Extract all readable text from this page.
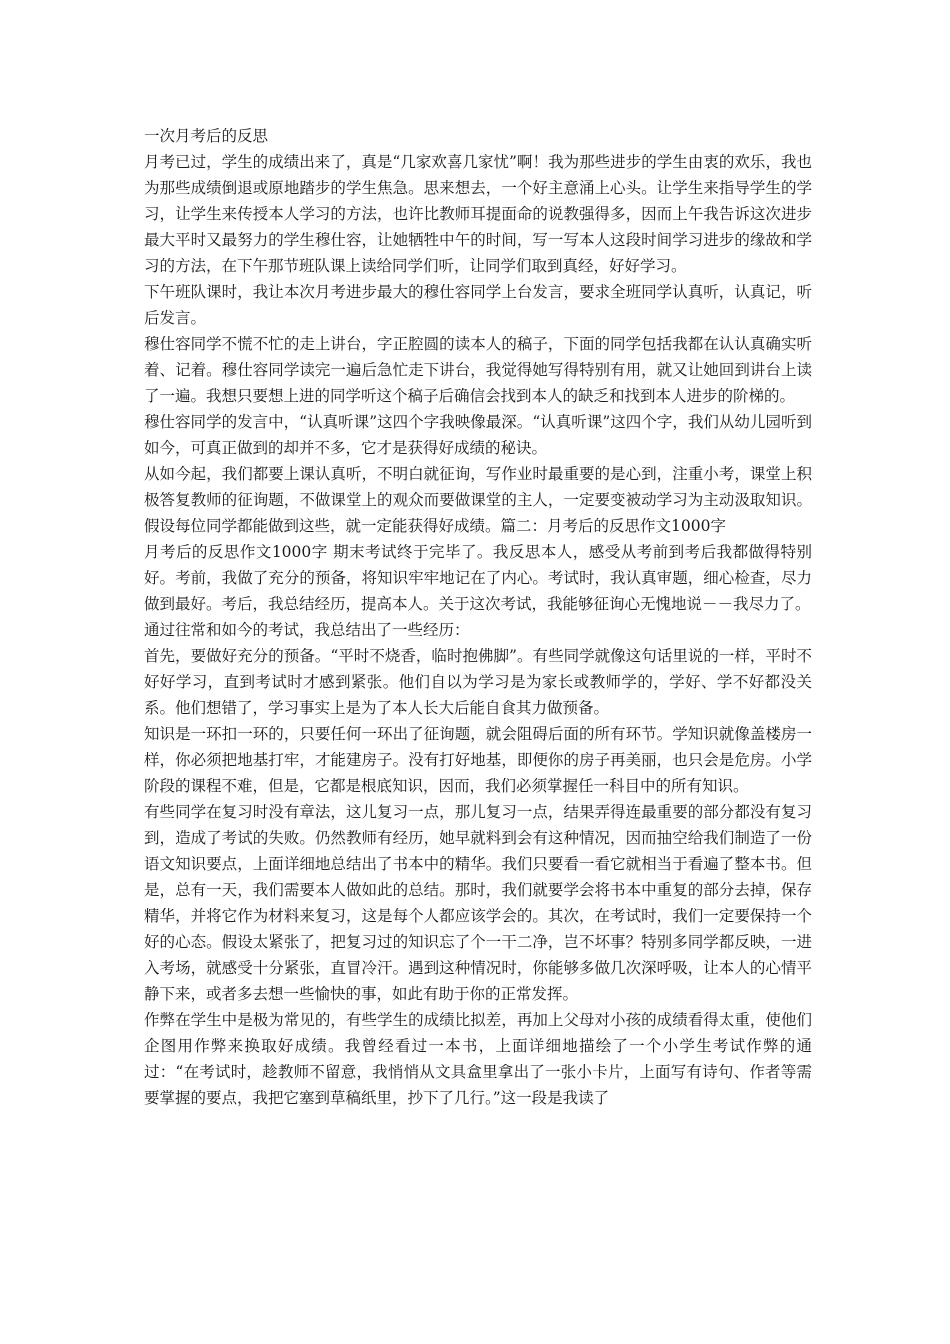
一次月考后的反思

月考已过，学生的成绩出来了，真是“几家欢喜几家忧”啊！我为那些进步的学生由衷的欢乐，我也为那些成绩倒退或原地踏步的学生焦急。思来想去，一个好主意涌上心头。让学生来指导学生的学习，让学生来传授本人学习的方法，也许比教师耳提面命的说教强得多，因而上午我告诉这次进步最大平时又最努力的学生穆仕容，让她牺牲中午的时间，写一写本人这段时间学习进步的缘故和学习的方法，在下午那节班队课上读给同学们听，让同学们取到真经，好好学习。

下午班队课时，我让本次月考进步最大的穆仕容同学上台发言，要求全班同学认真听，认真记，听后发言。

穆仕容同学不慌不忙的走上讲台，字正腔圆的读本人的稿子，下面的同学包括我都在认认真确实听着、记着。穆仕容同学读完一遍后急忙走下讲台，我觉得她写得特别有用，就又让她回到讲台上读了一遍。我想只要想上进的同学听这个稿子后确信会找到本人的缺乏和找到本人进步的阶梯的。

穆仕容同学的发言中，“认真听课”这四个字我映像最深。“认真听课”这四个字，我们从幼儿园听到如今，可真正做到的却并不多，它才是获得好成绩的秘诀。

从如今起，我们都要上课认真听，不明白就征询，写作业时最重要的是心到，注重小考，课堂上积极答复教师的征询题，不做课堂上的观众而要做课堂的主人，一定要变被动学习为主动汲取知识。假设每位同学都能做到这些，就一定能获得好成绩。篇二：月考后的反思作文1000字

月考后的反思作文1000字 期末考试终于完毕了。我反思本人，感受从考前到考后我都做得特别好。考前，我做了充分的预备，将知识牢牢地记在了内心。考试时，我认真审题，细心检查，尽力做到最好。考后，我总结经历，提高本人。关于这次考试，我能够征询心无愧地说－－我尽力了。

通过往常和如今的考试，我总结出了一些经历：

首先，要做好充分的预备。“平时不烧香，临时抱佛脚”。有些同学就像这句话里说的一样，平时不好好学习，直到考试时才感到紧张。他们自以为学习是为家长或教师学的，学好、学不好都没关系。他们想错了，学习事实上是为了本人长大后能自食其力做预备。

知识是一环扣一环的，只要任何一环出了征询题，就会阻碍后面的所有环节。学知识就像盖楼房一样，你必须把地基打牢，才能建房子。没有打好地基，即便你的房子再美丽，也只会是危房。小学阶段的课程不难，但是，它都是根底知识，因而，我们必须掌握任一科目中的所有知识。

有些同学在复习时没有章法，这儿复习一点，那儿复习一点，结果弄得连最重要的部分都没有复习到，造成了考试的失败。仍然教师有经历，她早就料到会有这种情况，因而抽空给我们制造了一份语文知识要点，上面详细地总结出了书本中的精华。我们只要看一看它就相当于看遍了整本书。但是，总有一天，我们需要本人做如此的总结。那时，我们就要学会将书本中重复的部分去掉，保存精华，并将它作为材料来复习，这是每个人都应该学会的。其次，在考试时，我们一定要保持一个好的心态。假设太紧张了，把复习过的知识忘了个一干二净，岂不坏事？特别多同学都反映，一进入考场，就感受十分紧张，直冒冷汗。遇到这种情况时，你能够多做几次深呼吸，让本人的心情平静下来，或者多去想一些愉快的事，如此有助于你的正常发挥。

作弊在学生中是极为常见的，有些学生的成绩比拟差，再加上父母对小孩的成绩看得太重，使他们企图用作弊来换取好成绩。我曾经看过一本书，上面详细地描绘了一个小学生考试作弊的通过：“在考试时，趁教师不留意，我悄悄从文具盒里拿出了一张小卡片，上面写有诗句、作者等需要掌握的要点，我把它塞到草稿纸里，抄下了几行。”这一段是我读了
